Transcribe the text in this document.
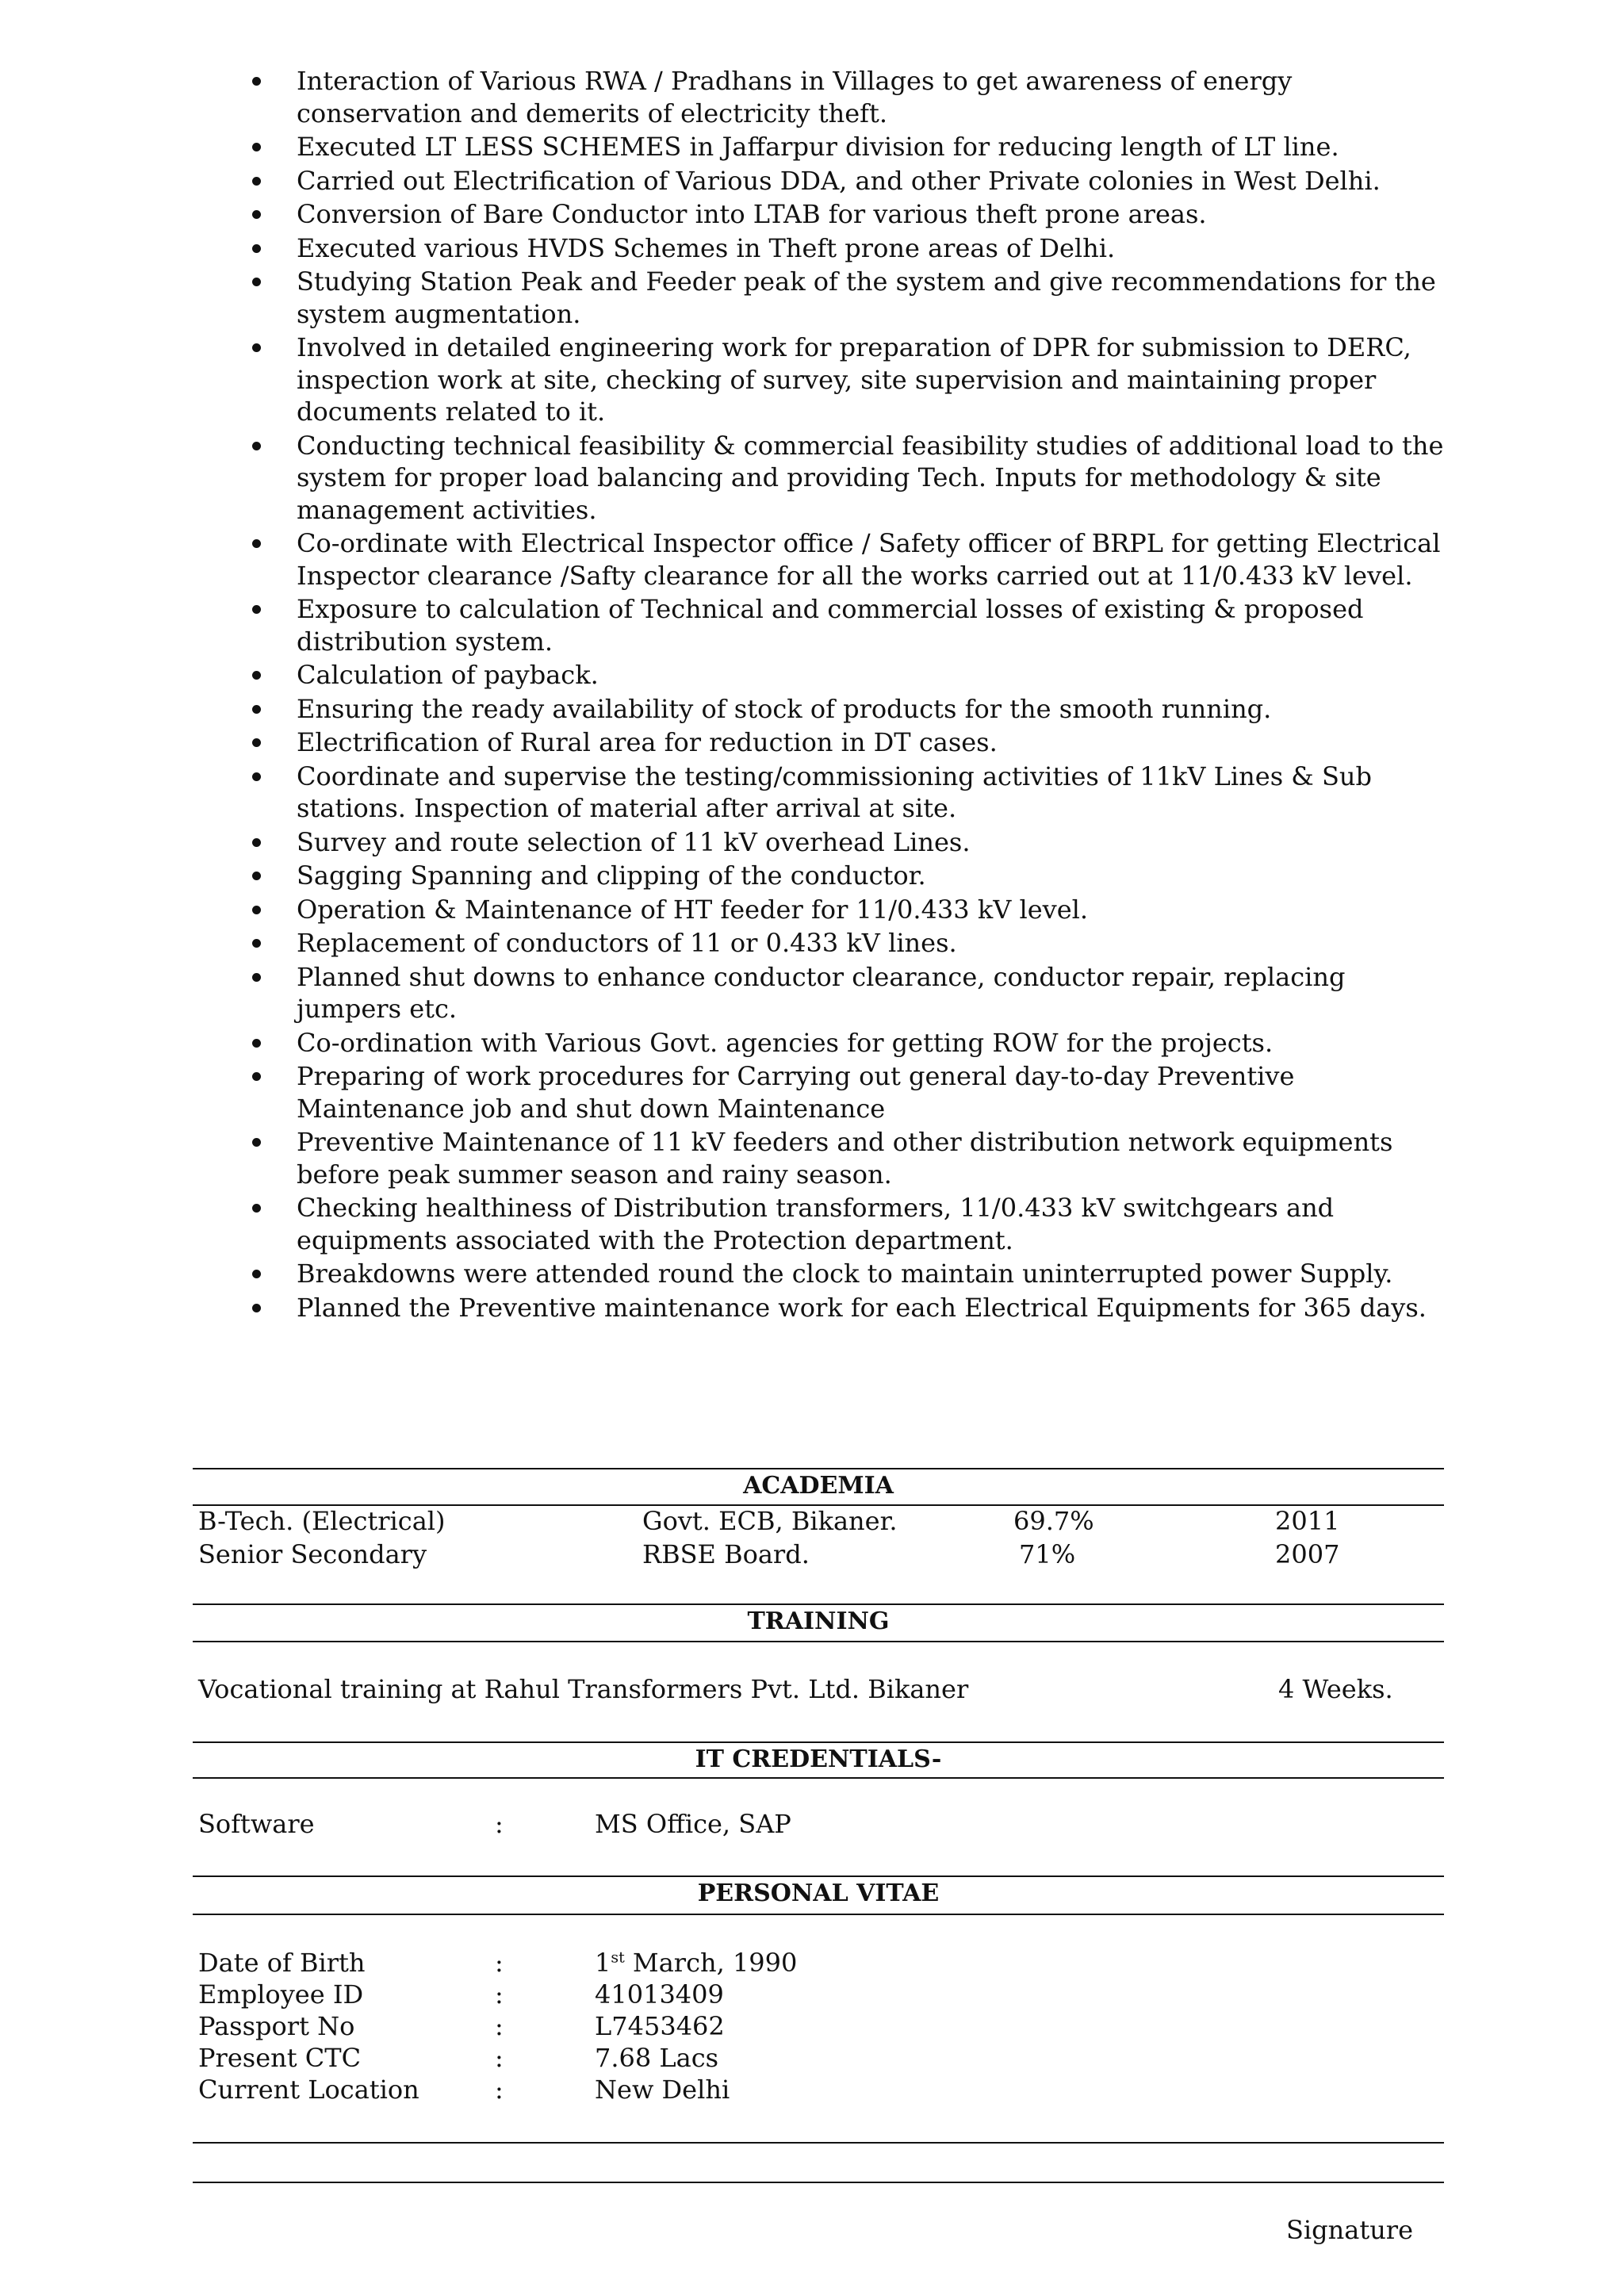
Interaction of Various RWA / Pradhans in Villages to get awareness of energy conservation and demerits of electricity theft.
Executed LT LESS SCHEMES in Jaffarpur division for reducing length of LT line.
Carried out Electrification of Various DDA, and other Private colonies in West Delhi.
Conversion of Bare Conductor into LTAB for various theft prone areas.
Executed various HVDS Schemes in Theft prone areas of Delhi.
Studying Station Peak and Feeder peak of the system and give recommendations for the system augmentation.
Involved in detailed engineering work for preparation of DPR for submission to DERC, inspection work at site, checking of survey, site supervision and maintaining proper documents related to it.
Conducting technical feasibility & commercial feasibility studies of additional load to the system for proper load balancing and providing Tech. Inputs for methodology & site management activities.
Co-ordinate with Electrical Inspector office / Safety officer of BRPL for getting Electrical Inspector clearance /Safty clearance for all the works carried out at 11/0.433 kV level.
Exposure to calculation of Technical and commercial losses of existing & proposed distribution system.
Calculation of payback.
Ensuring the ready availability of stock of products for the smooth running.
Electrification of Rural area for reduction in DT cases.
Coordinate and supervise the testing/commissioning activities of 11kV Lines & Sub stations. Inspection of material after arrival at site.
Survey and route selection of 11 kV overhead Lines.
Sagging Spanning and clipping of the conductor.
Operation & Maintenance of HT feeder for 11/0.433 kV level.
Replacement of conductors of 11 or 0.433 kV lines.
Planned shut downs to enhance conductor clearance, conductor repair, replacing jumpers etc.
Co-ordination with Various Govt. agencies for getting ROW for the projects.
Preparing of work procedures for Carrying out general day-to-day Preventive Maintenance job and shut down Maintenance
Preventive Maintenance of 11 kV feeders and other distribution network equipments before peak summer season and rainy season.
Checking healthiness of Distribution transformers, 11/0.433 kV switchgears and equipments associated with the Protection department.
Breakdowns were attended round the clock to maintain uninterrupted power Supply.
Planned the Preventive maintenance work for each Electrical Equipments for 365 days.
ACADEMIA
B-Tech. (Electrical)	Govt. ECB, Bikaner.	69.7%	2011
Senior Secondary	RBSE Board.	71%	2007
TRAINING
Vocational training at Rahul Transformers Pvt. Ltd. Bikaner	4 Weeks.
IT CREDENTIALS-
Software	:	MS Office, SAP
PERSONAL VITAE
Date of Birth	:	1st March, 1990
Employee ID	:	41013409
Passport No	:	L7453462
Present CTC	:	7.68 Lacs
Current Location	:	New Delhi
Signature
